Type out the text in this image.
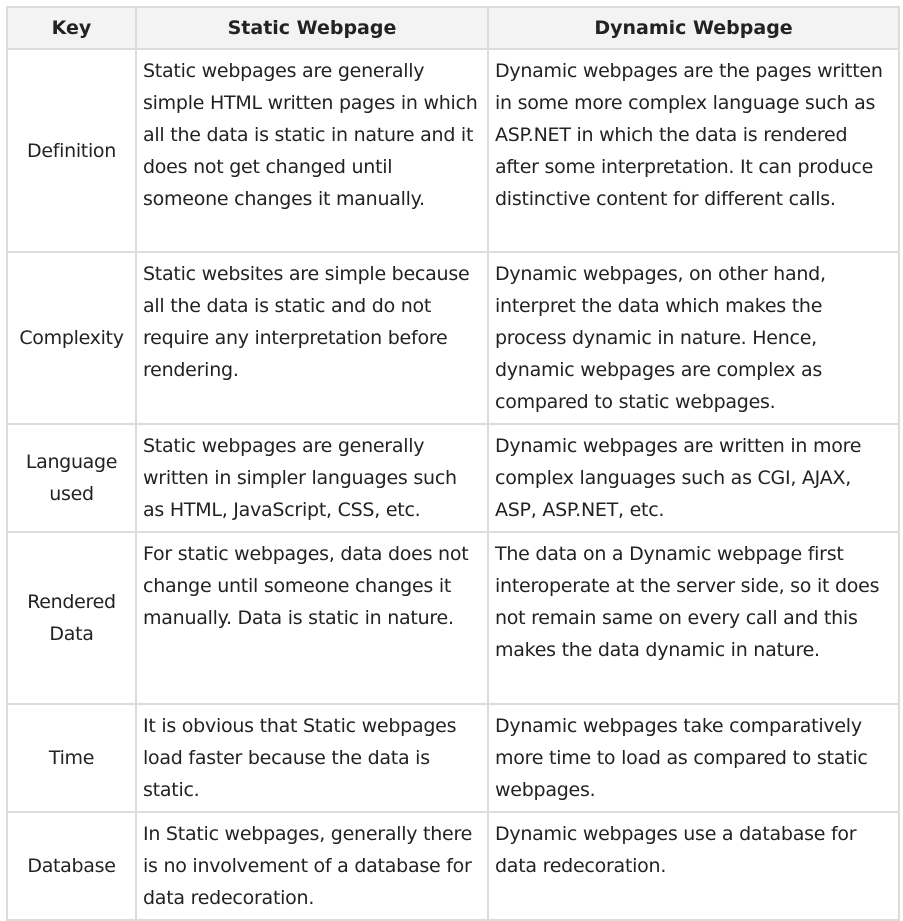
Key	Static Webpage	Dynamic Webpage
Definition	Static webpages are generally simple HTML written pages in which all the data is static in nature and it does not get changed until someone changes it manually.	Dynamic webpages are the pages written in some more complex language such as ASP.NET in which the data is rendered after some interpretation. It can produce distinctive content for different calls.
Complexity	Static websites are simple because all the data is static and do not require any interpretation before rendering.	Dynamic webpages, on other hand, interpret the data which makes the process dynamic in nature. Hence, dynamic webpages are complex as compared to static webpages.
Language used	Static webpages are generally written in simpler languages such as HTML, JavaScript, CSS, etc.	Dynamic webpages are written in more complex languages such as CGI, AJAX, ASP, ASP.NET, etc.
Rendered Data	For static webpages, data does not change until someone changes it manually. Data is static in nature.	The data on a Dynamic webpage first interoperate at the server side, so it does not remain same on every call and this makes the data dynamic in nature.
Time	It is obvious that Static webpages load faster because the data is static.	Dynamic webpages take comparatively more time to load as compared to static webpages.
Database	In Static webpages, generally there is no involvement of a database for data redecoration.	Dynamic webpages use a database for data redecoration.
